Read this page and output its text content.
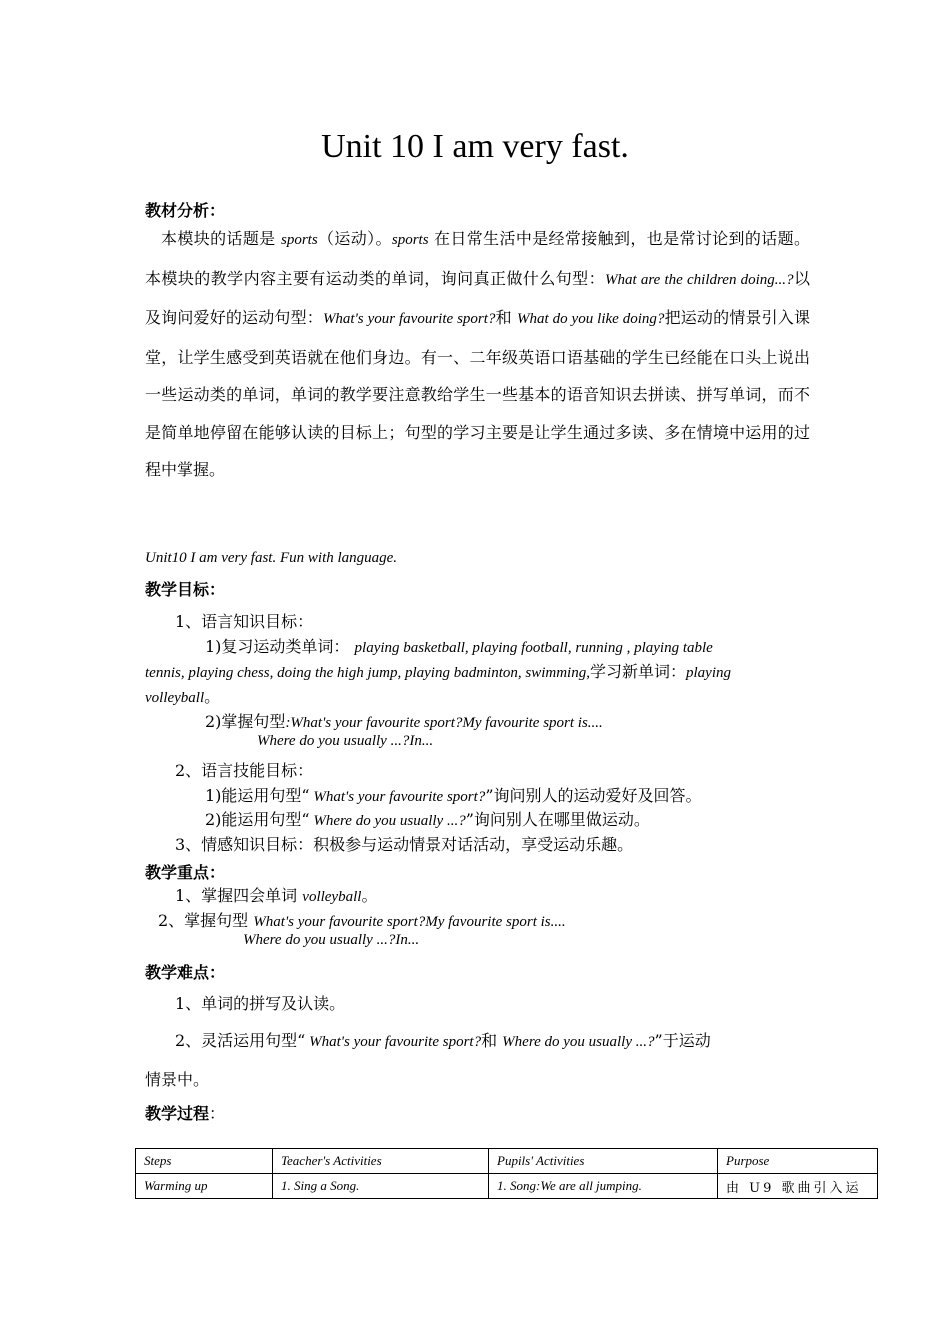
Unit 10 I am very fast.
教材分析：
本模块的话题是 sports（运动）。sports 在日常生活中是经常接触到，也是常讨论到的话题。本模块的教学内容主要有运动类的单词，询问真正做什么句型：What are the children doing...?以及询问爱好的运动句型：What's your favourite sport?和 What do you like doing?把运动的情景引入课堂，让学生感受到英语就在他们身边。有一、二年级英语口语基础的学生已经能在口头上说出一些运动类的单词，单词的教学要注意教给学生一些基本的语音知识去拼读、拼写单词，而不是简单地停留在能够认读的目标上；句型的学习主要是让学生通过多读、多在情境中运用的过程中掌握。
Unit10 I am very fast. Fun with language.
教学目标：
1、语言知识目标：
1)复习运动类单词： playing basketball, playing football, running , playing table
tennis, playing chess, doing the high jump, playing badminton, swimming,学习新单词：playing
volleyball。
2)掌握句型:What's your favourite sport?My favourite sport is....
Where do you usually ...?In...
2、语言技能目标：
1)能运用句型“ What's your favourite sport?”询问别人的运动爱好及回答。
2)能运用句型“ Where do you usually ...?”询问别人在哪里做运动。
3、情感知识目标：积极参与运动情景对话活动，享受运动乐趣。
教学重点：
1、掌握四会单词 volleyball。
2、掌握句型 What's your favourite sport?My favourite sport is....
Where do you usually ...?In...
教学难点：
1、单词的拼写及认读。
2、灵活运用句型“ What's your favourite sport?和 Where do you usually ...?”于运动
情景中。
教学过程：
Steps	Teacher's Activities	Pupils' Activities	Purpose
Warming up	1. Sing a Song.	1. Song:We are all jumping.	由 U9 歌曲引入运
